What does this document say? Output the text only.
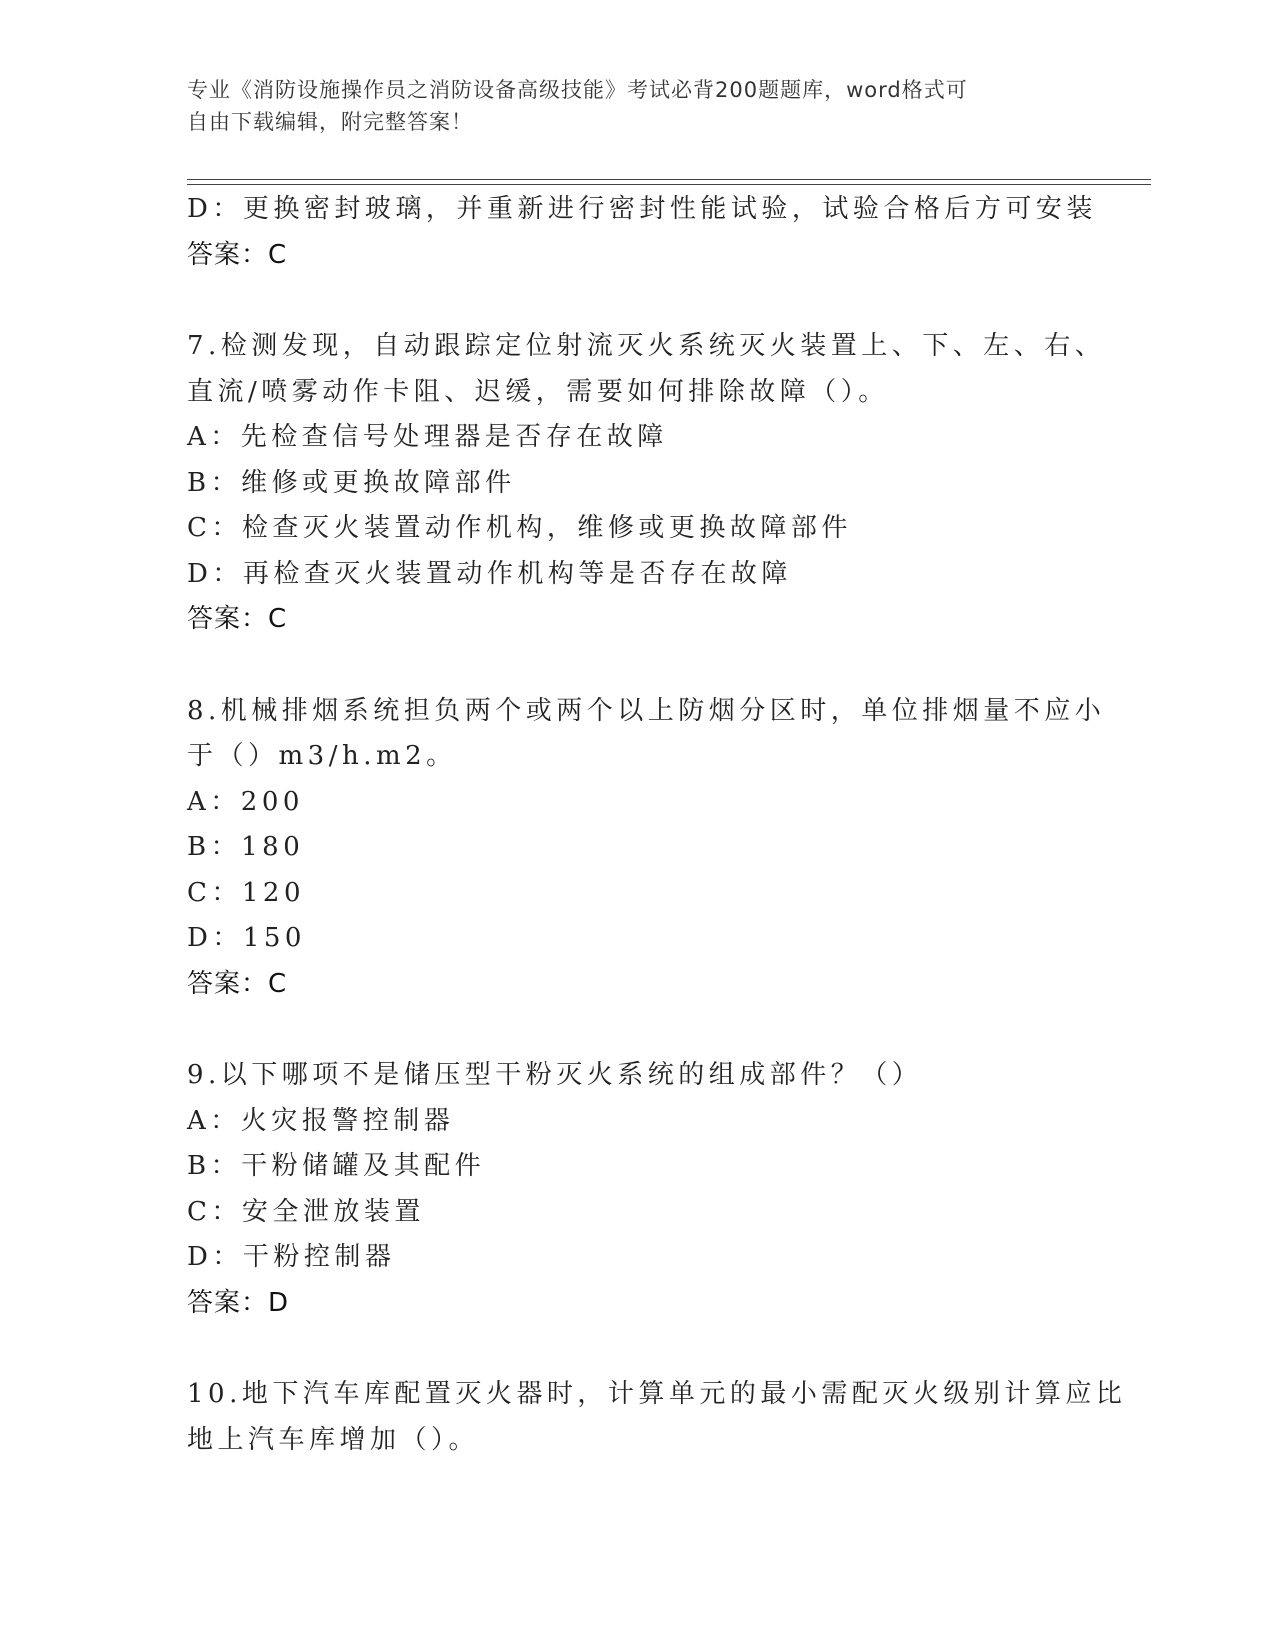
专业《消防设施操作员之消防设备高级技能》考试必背200题题库，word格式可
自由下载编辑，附完整答案！
D：更换密封玻璃，并重新进行密封性能试验，试验合格后方可安装
答案：C
7.检测发现，自动跟踪定位射流灭火系统灭火装置上、下、左、右、
直流/喷雾动作卡阻、迟缓，需要如何排除故障（）。
A：先检查信号处理器是否存在故障
B：维修或更换故障部件
C：检查灭火装置动作机构，维修或更换故障部件
D：再检查灭火装置动作机构等是否存在故障
答案：C
8.机械排烟系统担负两个或两个以上防烟分区时，单位排烟量不应小
于（）m3/h.m2。
A：200
B：180
C：120
D：150
答案：C
9.以下哪项不是储压型干粉灭火系统的组成部件？（）
A：火灾报警控制器
B：干粉储罐及其配件
C：安全泄放装置
D：干粉控制器
答案：D
10.地下汽车库配置灭火器时，计算单元的最小需配灭火级别计算应比
地上汽车库增加（）。
